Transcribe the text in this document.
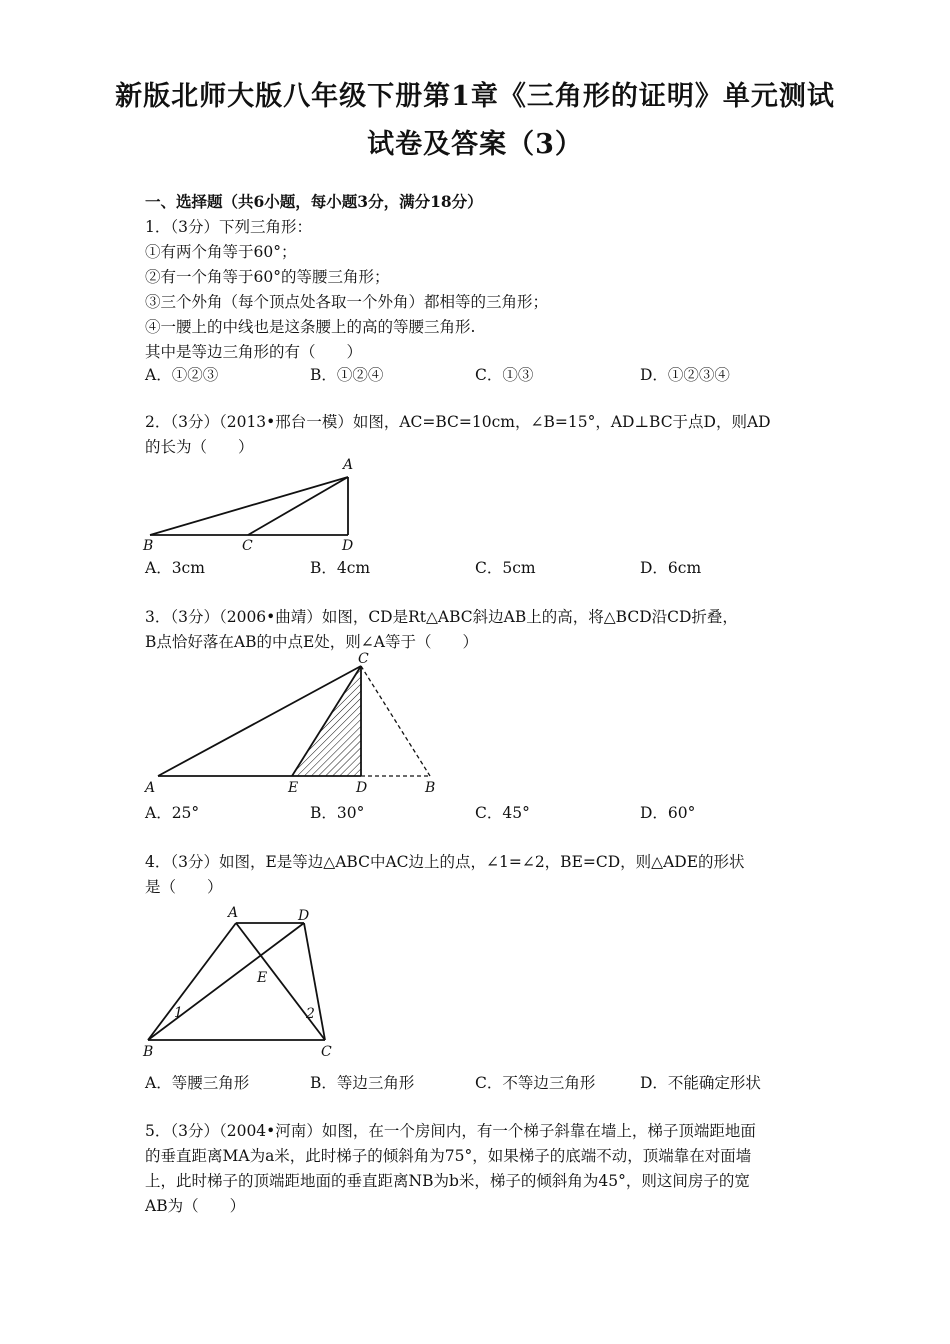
新版北师大版八年级下册第1章《三角形的证明》单元测试
试卷及答案（3）
一、选择题（共6小题，每小题3分，满分18分）
1．（3分）下列三角形：
①有两个角等于60°；
②有一个角等于60°的等腰三角形；
③三个外角（每个顶点处各取一个外角）都相等的三角形；
④一腰上的中线也是这条腰上的高的等腰三角形.
其中是等边三角形的有（　　）
A．①②③	B．①②④	C．①③	D．①②③④
2．（3分）（2013•邢台一模）如图，AC=BC=10cm，∠B=15°，AD⊥BC于点D，则AD
的长为（　　）
A
B	C	D
A．3cm	B．4cm	C．5cm	D．6cm
3．（3分）（2006•曲靖）如图，CD是Rt△ABC斜边AB上的高，将△BCD沿CD折叠，
B点恰好落在AB的中点E处，则∠A等于（　　）
C
A	E	D	B
A．25°	B．30°	C．45°	D．60°
4．（3分）如图，E是等边△ABC中AC边上的点，∠1=∠2，BE=CD，则△ADE的形状
是（　　）
A	D
E
1	2
B	C
A．等腰三角形	B．等边三角形	C．不等边三角形	D．不能确定形状
5．（3分）（2004•河南）如图，在一个房间内，有一个梯子斜靠在墙上，梯子顶端距地面
的垂直距离MA为a米，此时梯子的倾斜角为75°，如果梯子的底端不动，顶端靠在对面墙
上，此时梯子的顶端距地面的垂直距离NB为b米，梯子的倾斜角为45°，则这间房子的宽
AB为（　　）
